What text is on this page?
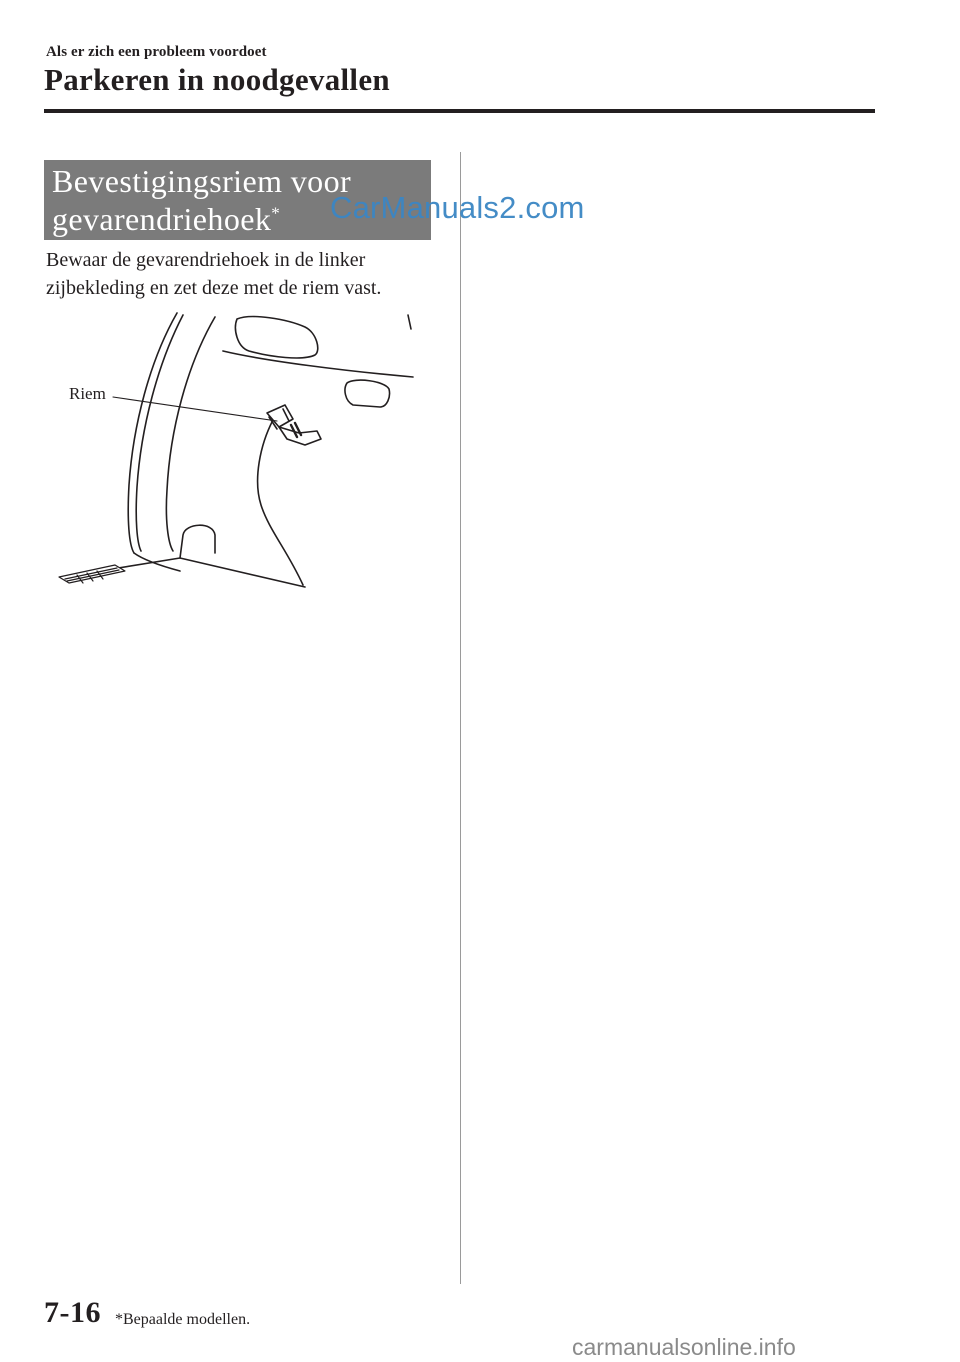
Als er zich een probleem voordoet
Parkeren in noodgevallen
Bevestigingsriem voor
gevarendriehoek*	CarManuals2.com

Bewaar de gevarendriehoek in de linker
zijbekleding en zet deze met de riem vast.

Riem
7-16 *Bepaalde modellen.
carmanualsonline.info
